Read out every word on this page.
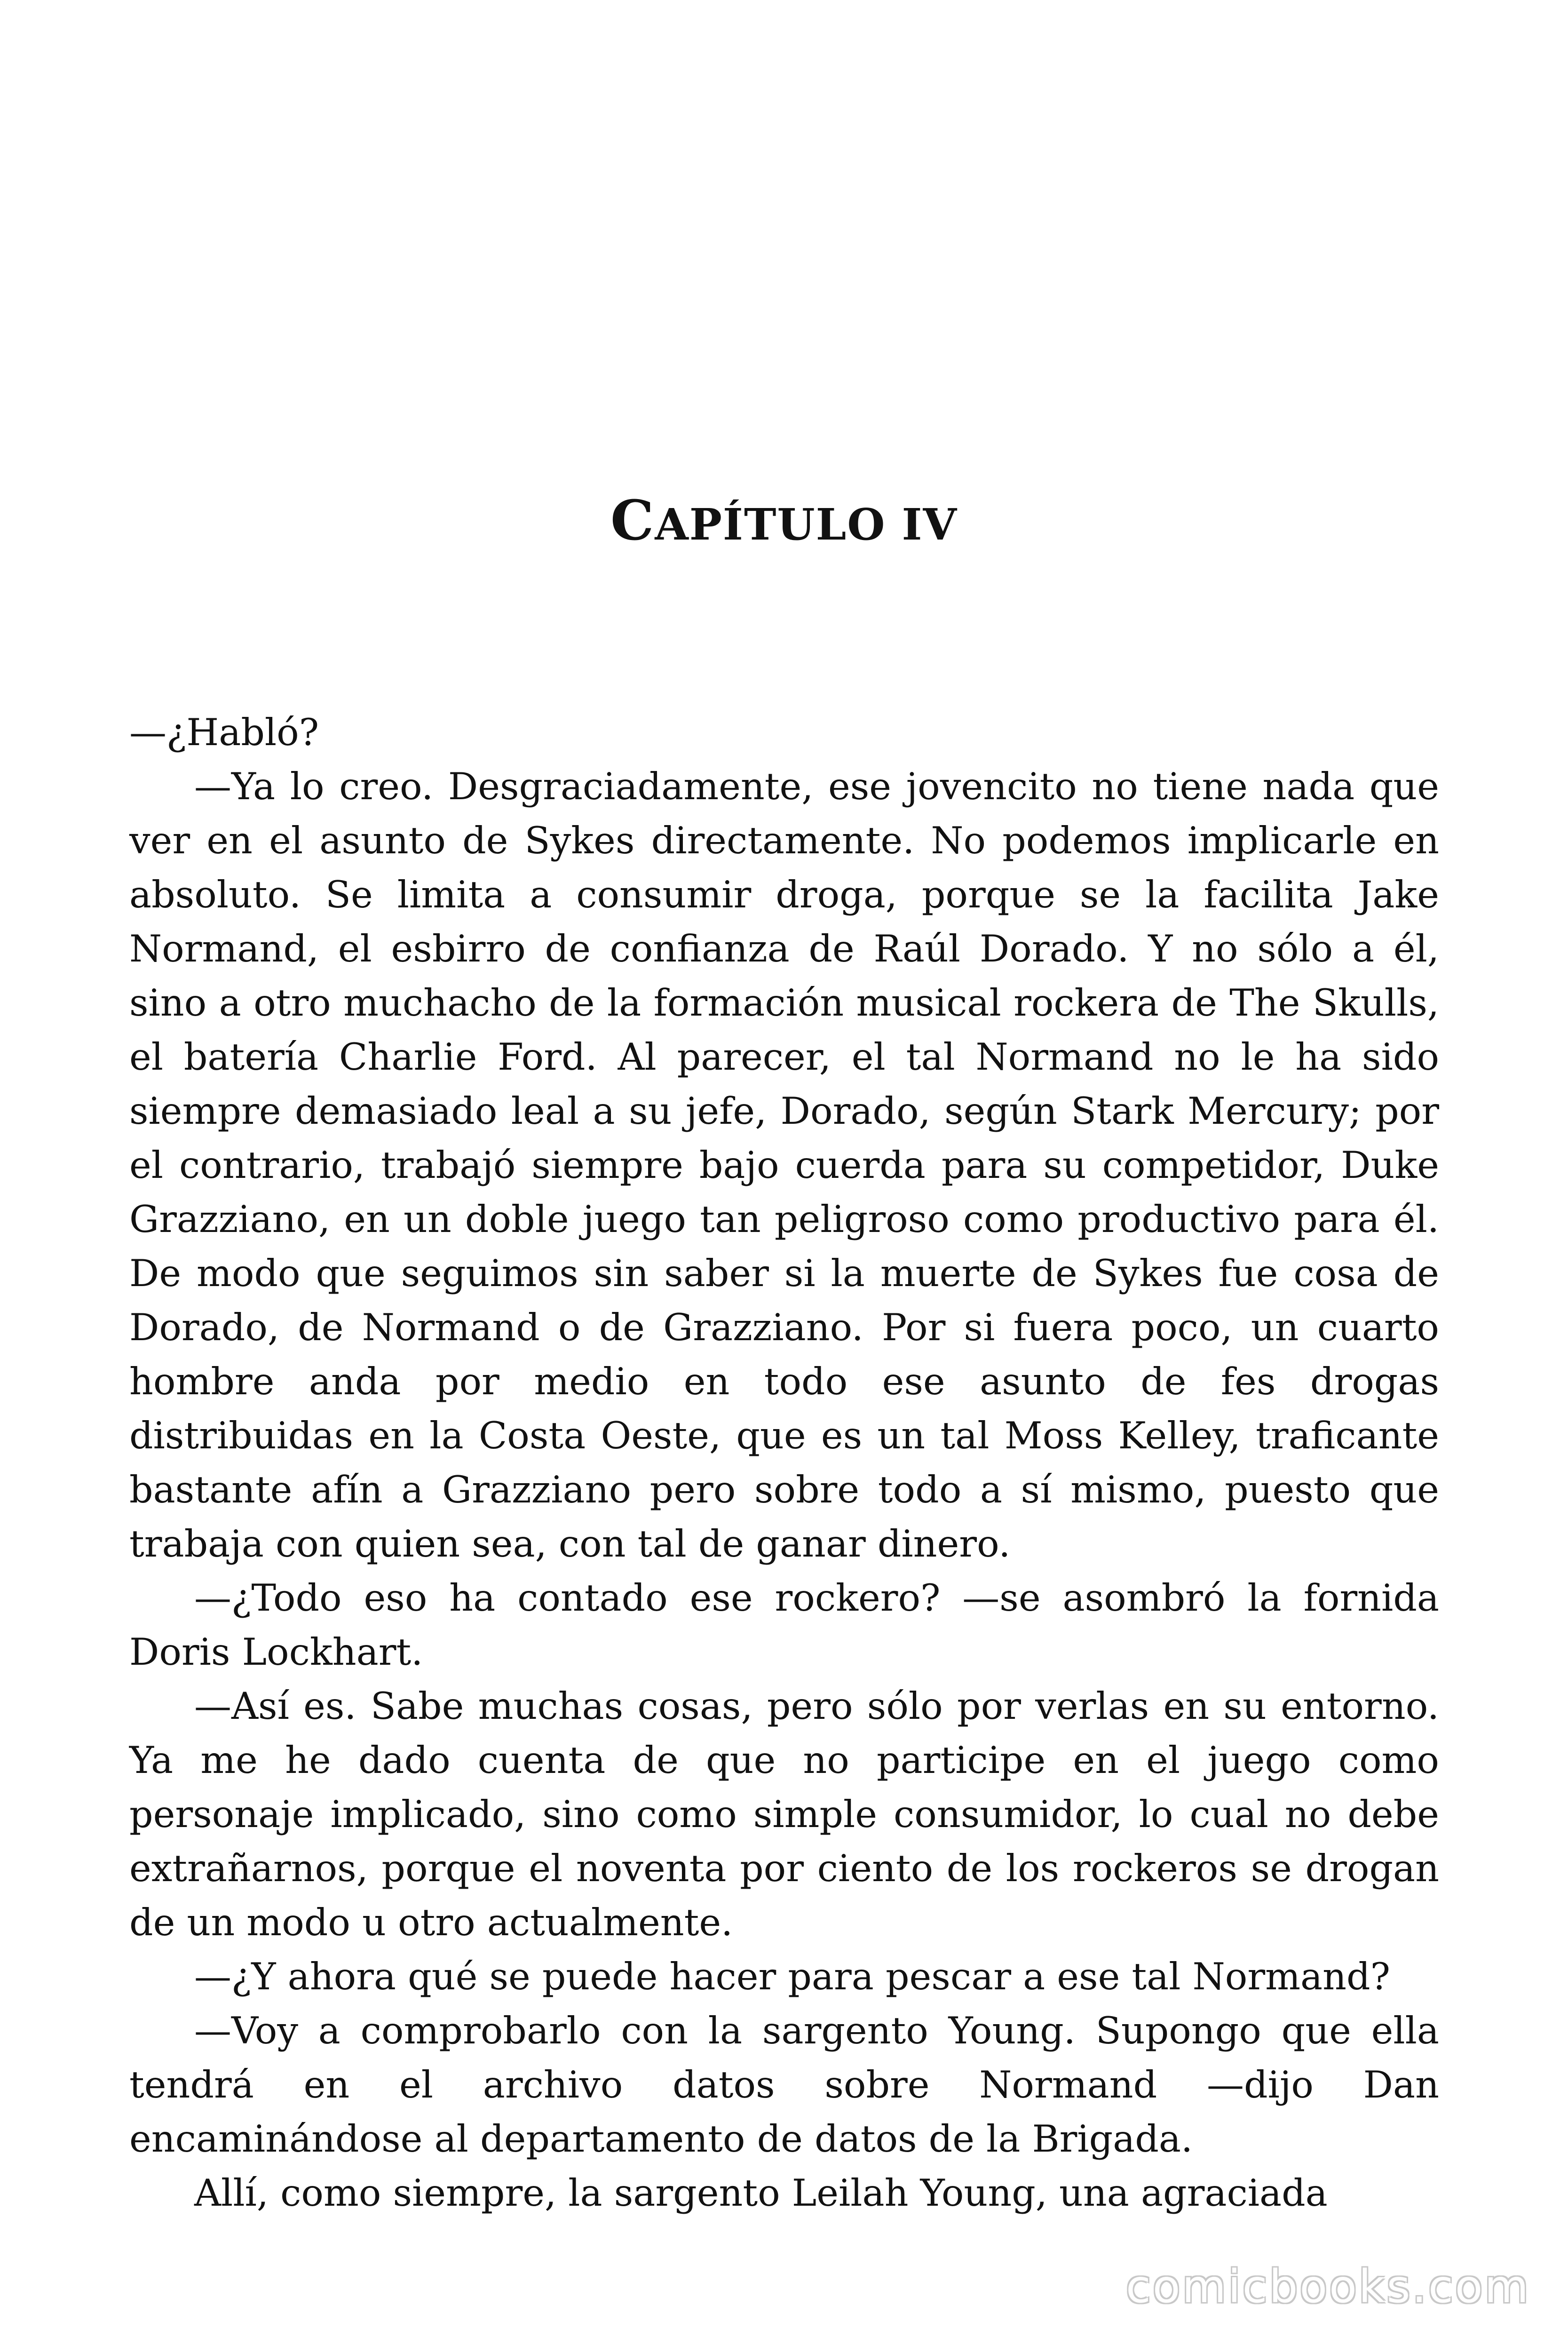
CAPÍTULO IV

—¿Habló?

—Ya lo creo. Desgraciadamente, ese jovencito no tiene nada que ver en el asunto de Sykes directamente. No podemos implicarle en absoluto. Se limita a consumir droga, porque se la facilita Jake Normand, el esbirro de confianza de Raúl Dorado. Y no sólo a él, sino a otro muchacho de la formación musical rockera de The Skulls, el batería Charlie Ford. Al parecer, el tal Normand no le ha sido siempre demasiado leal a su jefe, Dorado, según Stark Mercury; por el contrario, trabajó siempre bajo cuerda para su competidor, Duke Grazziano, en un doble juego tan peligroso como productivo para él. De modo que seguimos sin saber si la muerte de Sykes fue cosa de Dorado, de Normand o de Grazziano. Por si fuera poco, un cuarto hombre anda por medio en todo ese asunto de fes drogas distribuidas en la Costa Oeste, que es un tal Moss Kelley, traficante bastante afín a Grazziano pero sobre todo a sí mismo, puesto que trabaja con quien sea, con tal de ganar dinero.

—¿Todo eso ha contado ese rockero? —se asombró la fornida Doris Lockhart.

—Así es. Sabe muchas cosas, pero sólo por verlas en su entorno. Ya me he dado cuenta de que no participe en el juego como personaje implicado, sino como simple consumidor, lo cual no debe extrañarnos, porque el noventa por ciento de los rockeros se drogan de un modo u otro actualmente.

—¿Y ahora qué se puede hacer para pescar a ese tal Normand?

—Voy a comprobarlo con la sargento Young. Supongo que ella tendrá en el archivo datos sobre Normand —dijo Dan encaminándose al departamento de datos de la Brigada.

Allí, como siempre, la sargento Leilah Young, una agraciada

comicbooks.com
